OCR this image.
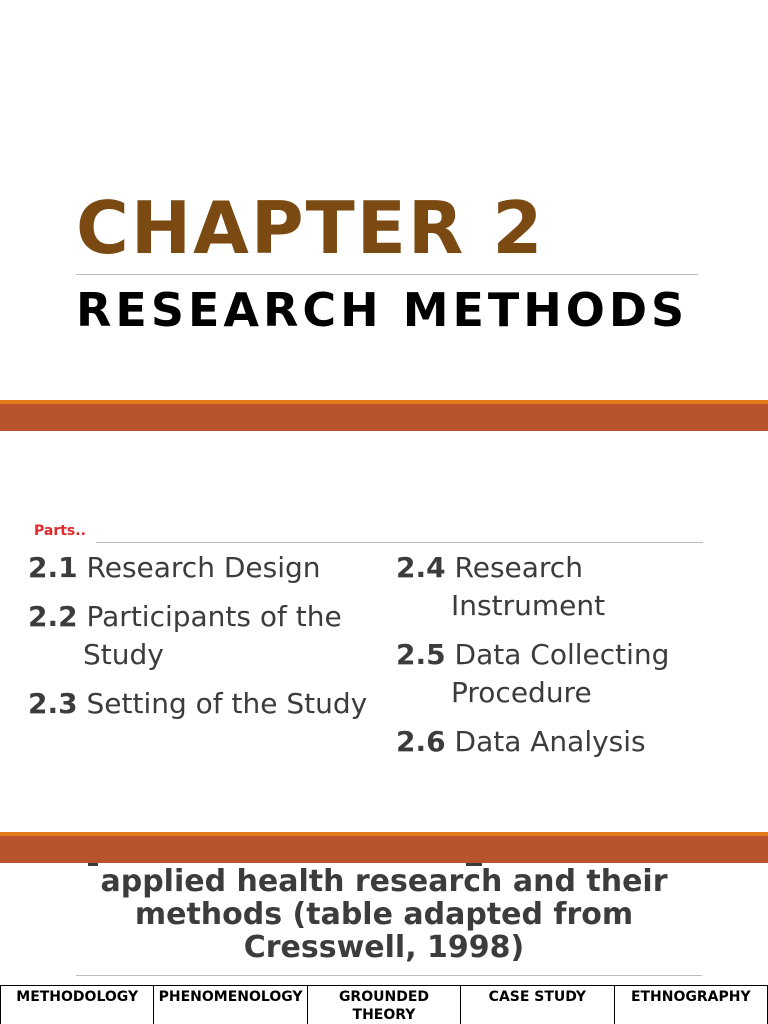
CHAPTER 2
RESEARCH METHODS

Parts..

2.1 Research Design

2.2 Participants of the
Study

2.3 Setting of the Study

2.4 Research
Instrument

2.5 Data Collecting
Procedure

2.6 Data Analysis

applied health research and their
methods (table adapted from
Cresswell, 1998)
METHODOLOGY	PHENOMENOLOGY	GROUNDED THEORY	CASE STUDY	ETHNOGRAPHY
